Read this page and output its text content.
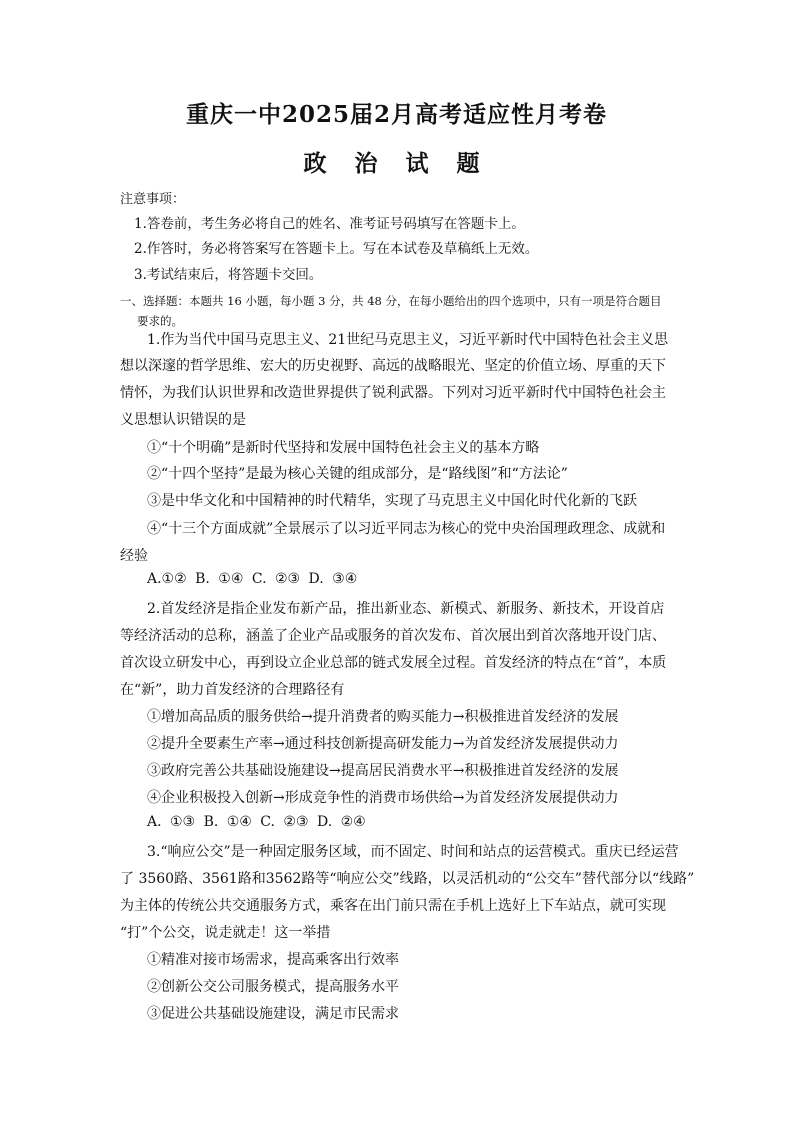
重庆一中2025届2月高考适应性月考卷
政 治 试 题
注意事项：
1.答卷前，考生务必将自己的姓名、准考证号码填写在答题卡上。
2.作答时，务必将答案写在答题卡上。写在本试卷及草稿纸上无效。
3.考试结束后，将答题卡交回。
一、选择题：本题共 16 小题，每小题 3 分，共 48 分，在每小题给出的四个选项中，只有一项是符合题目
要求的。
1.作为当代中国马克思主义、21世纪马克思主义，习近平新时代中国特色社会主义思
想以深邃的哲学思维、宏大的历史视野、高远的战略眼光、坚定的价值立场、厚重的天下
情怀，为我们认识世界和改造世界提供了锐利武器。下列对习近平新时代中国特色社会主
义思想认识错误的是
①“十个明确”是新时代坚持和发展中国特色社会主义的基本方略
②“十四个坚持”是最为核心关键的组成部分，是“路线图”和“方法论”
③是中华文化和中国精神的时代精华，实现了马克思主义中国化时代化新的飞跃
④“十三个方面成就”全景展示了以习近平同志为核心的党中央治国理政理念、成就和
经验
A.①② B. ①④ C. ②③ D. ③④
2.首发经济是指企业发布新产品，推出新业态、新模式、新服务、新技术，开设首店
等经济活动的总称，涵盖了企业产品或服务的首次发布、首次展出到首次落地开设门店、
首次设立研发中心，再到设立企业总部的链式发展全过程。首发经济的特点在“首”，本质
在“新”，助力首发经济的合理路径有
①增加高品质的服务供给→提升消费者的购买能力→积极推进首发经济的发展
②提升全要素生产率→通过科技创新提高研发能力→为首发经济发展提供动力
③政府完善公共基础设施建设→提高居民消费水平→积极推进首发经济的发展
④企业积极投入创新→形成竞争性的消费市场供给→为首发经济发展提供动力
A. ①③ B. ①④ C. ②③ D. ②④
3.“响应公交”是一种固定服务区域，而不固定、时间和站点的运营模式。重庆已经运营
了 3560路、3561路和3562路等“响应公交”线路，以灵活机动的“公交车”替代部分以“线路”
为主体的传统公共交通服务方式，乘客在出门前只需在手机上选好上下车站点，就可实现
“打”个公交，说走就走！这一举措
①精准对接市场需求，提高乘客出行效率
②创新公交公司服务模式，提高服务水平
③促进公共基础设施建设，满足市民需求
